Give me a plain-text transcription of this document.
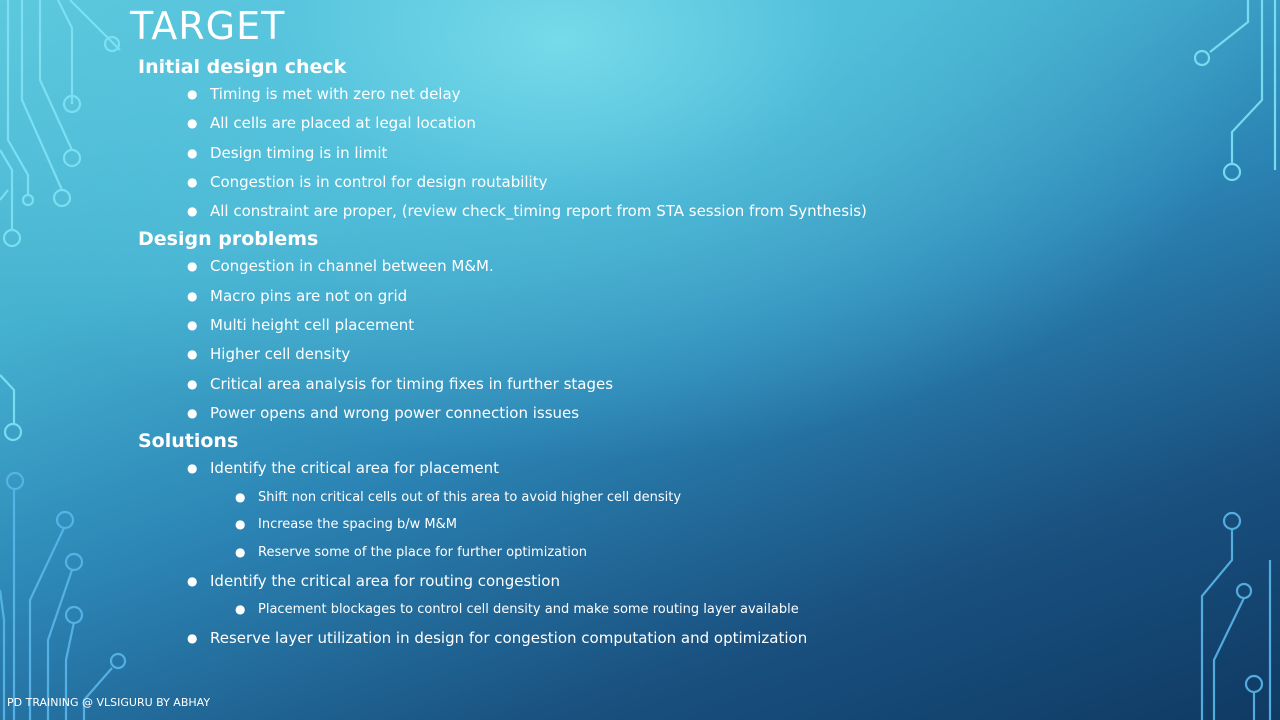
TARGET
Initial design check
● Timing is met with zero net delay
● All cells are placed at legal location
● Design timing is in limit
● Congestion is in control for design routability
● All constraint are proper, (review check_timing report from STA session from Synthesis)
Design problems
● Congestion in channel between M&M.
● Macro pins are not on grid
● Multi height cell placement
● Higher cell density
● Critical area analysis for timing fixes in further stages
● Power opens and wrong power connection issues
Solutions
● Identify the critical area for placement
● Shift non critical cells out of this area to avoid higher cell density
● Increase the spacing b/w M&M
● Reserve some of the place for further optimization
● Identify the critical area for routing congestion
● Placement blockages to control cell density and make some routing layer available
● Reserve layer utilization in design for congestion computation and optimization
PD TRAINING @ VLSIGURU BY ABHAY
